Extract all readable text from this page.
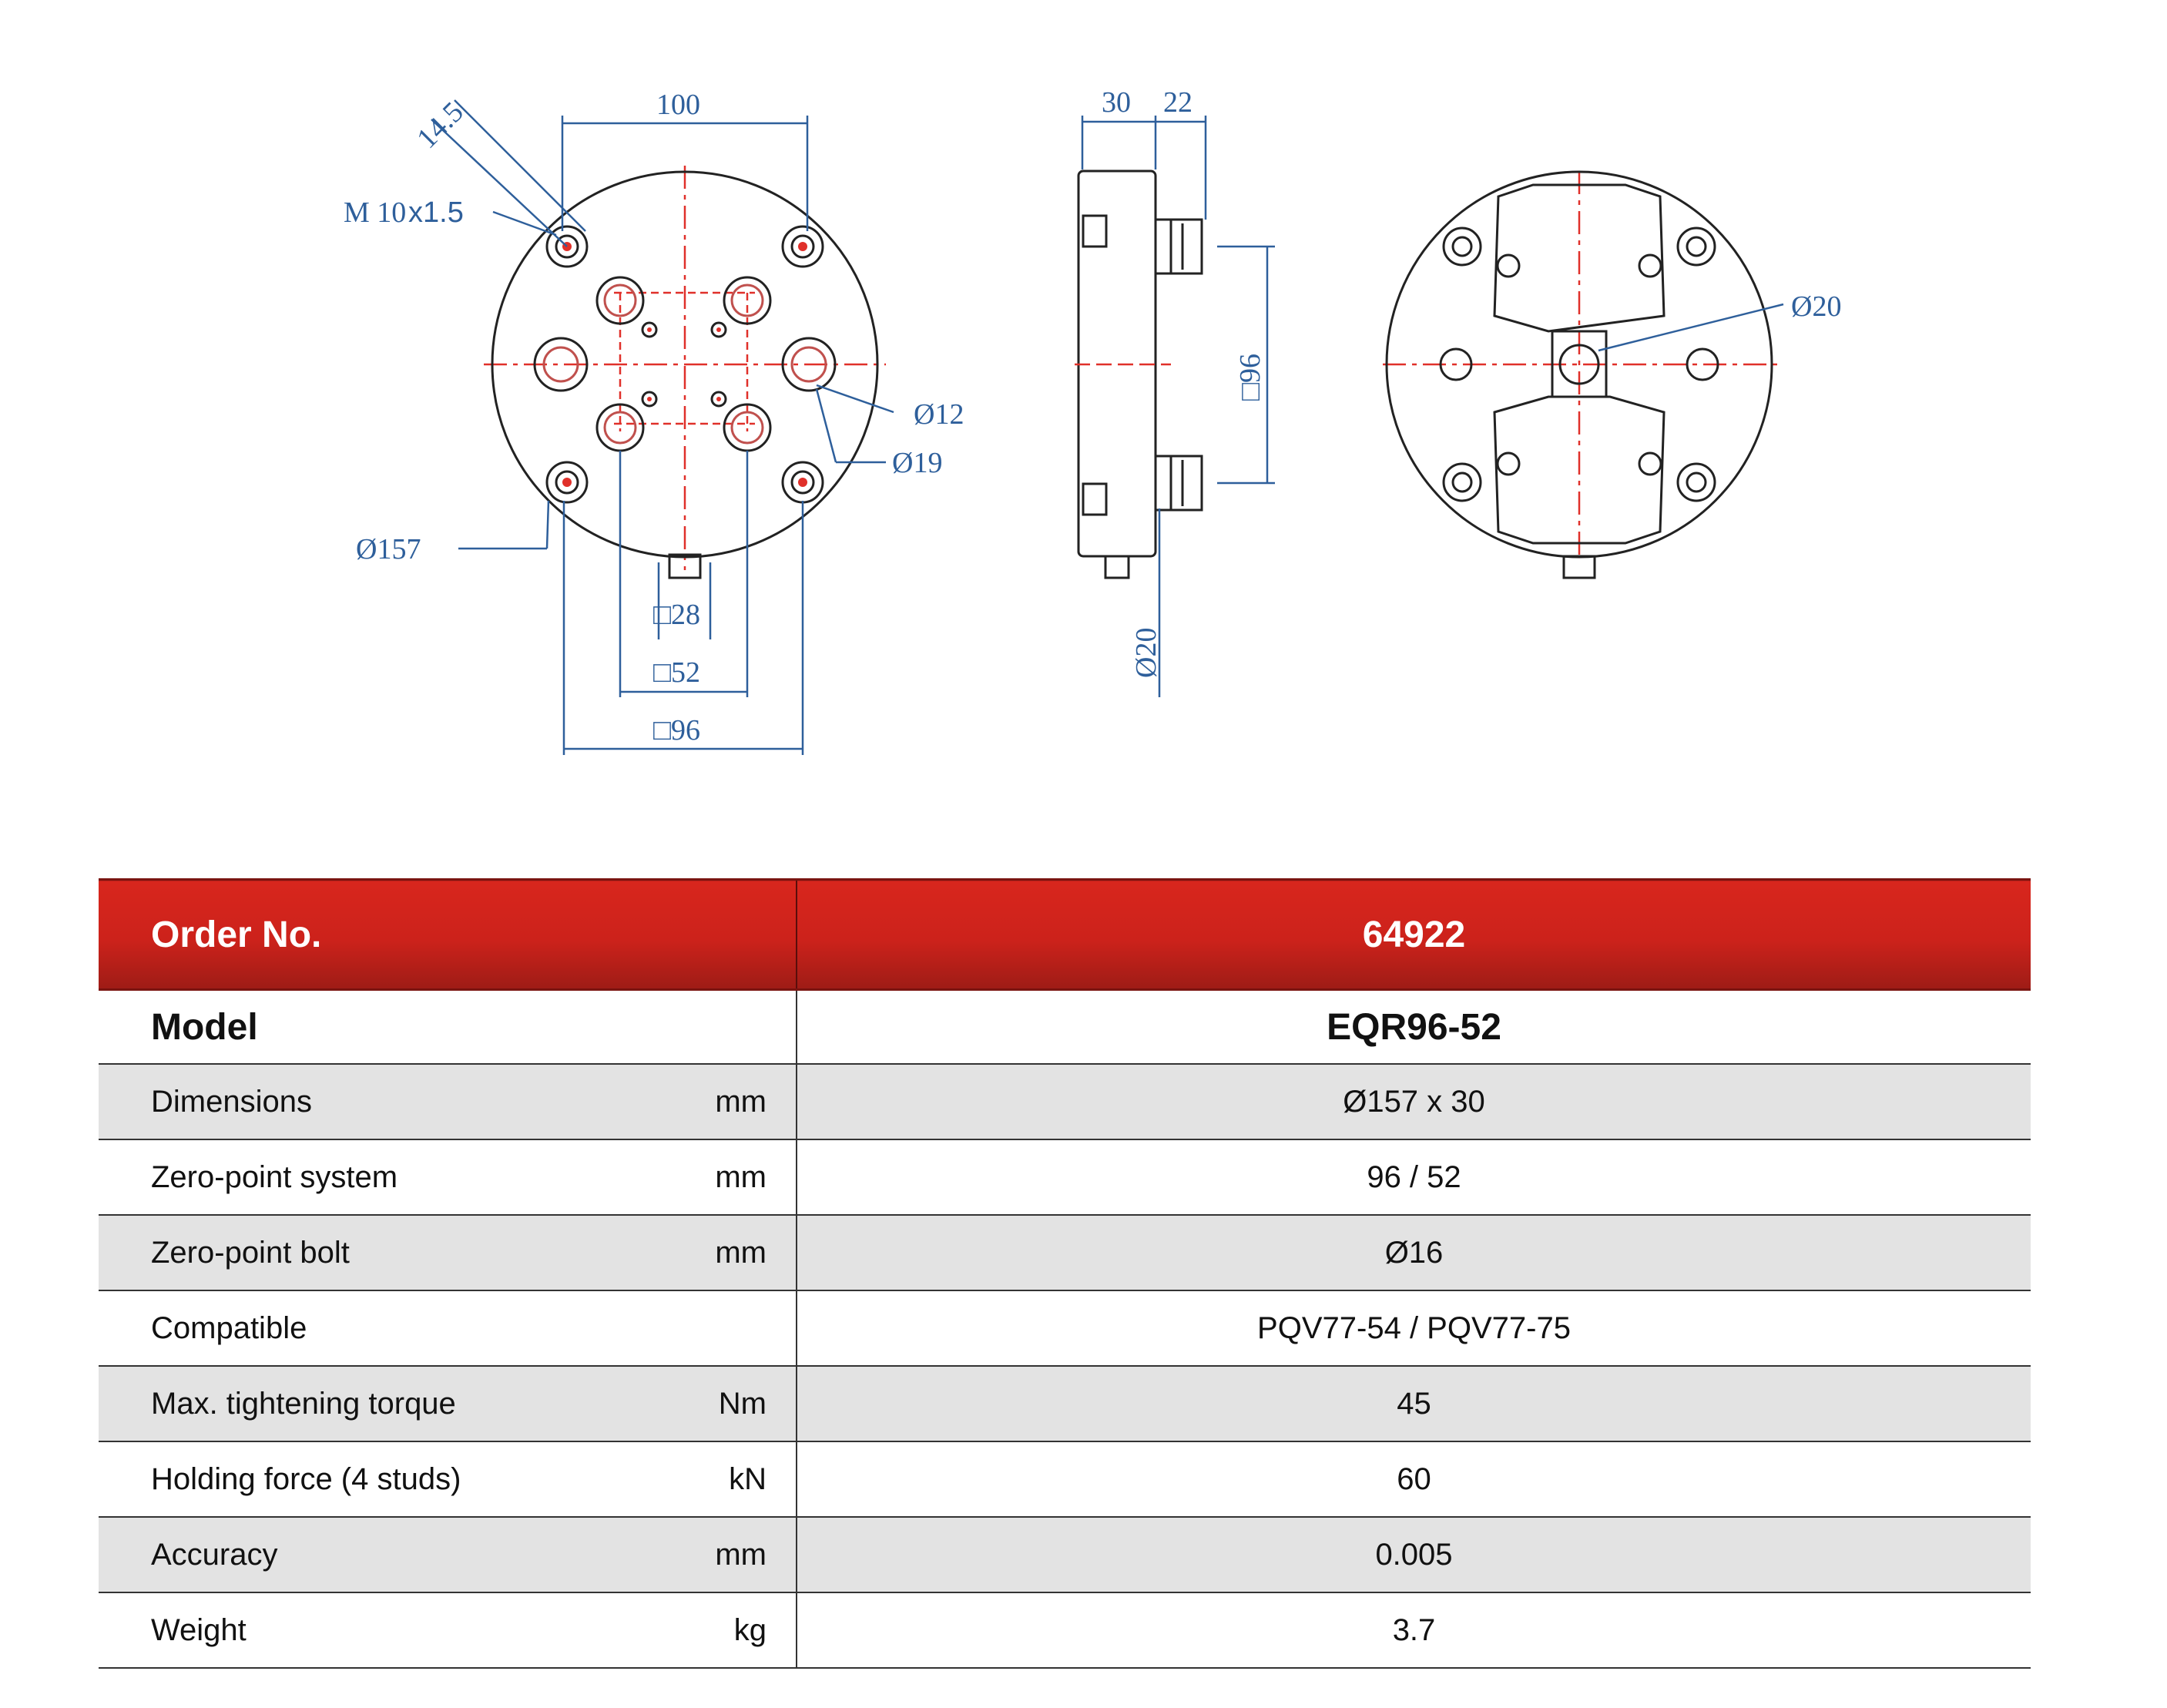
100
14.5
M 10 x1.5
Ø157
Ø12
Ø19
□28
□52
□96
30 22
□96
Ø20
Ø20
Order No.		64922
Model		EQR96-52
Dimensions	mm	Ø157 x 30
Zero-point system	mm	96 / 52
Zero-point bolt	mm	Ø16
Compatible		PQV77-54 / PQV77-75
Max. tightening torque	Nm	45
Holding force (4 studs)	kN	60
Accuracy	mm	0.005
Weight	kg	3.7
